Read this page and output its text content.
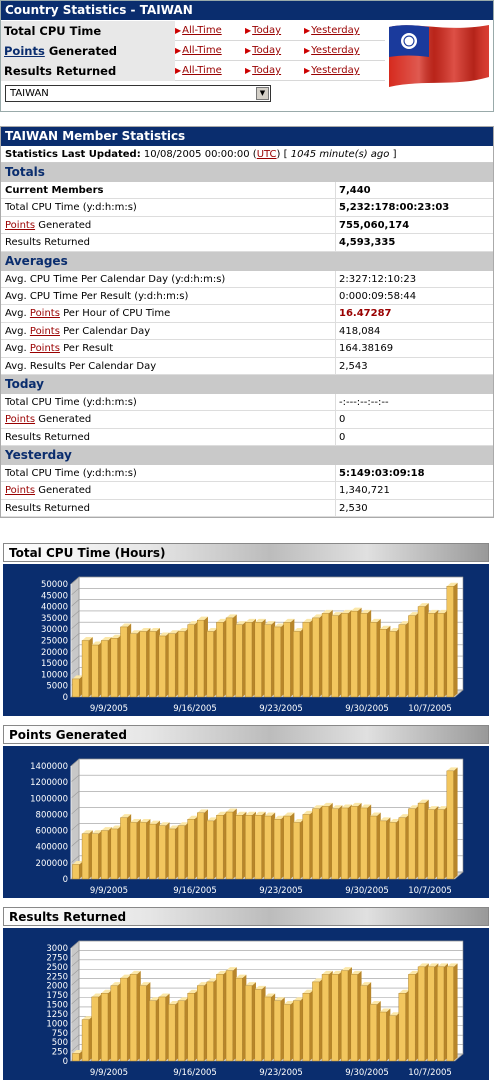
Country Statistics - TAIWAN
Total CPU Time	▶All-Time	▶Today	▶Yesterday
Points Generated	▶All-Time	▶Today	▶Yesterday
Results Returned	▶All-Time	▶Today	▶Yesterday
TAIWAN	▼
TAIWAN Member Statistics
Statistics Last Updated: 10/08/2005 00:00:00 (UTC) [ 1045 minute(s) ago ]
Totals
Current Members	7,440
Total CPU Time (y:d:h:m:s)	5,232:178:00:23:03
Points Generated	755,060,174
Results Returned	4,593,335
Averages
Avg. CPU Time Per Calendar Day (y:d:h:m:s)	2:327:12:10:23
Avg. CPU Time Per Result (y:d:h:m:s)	0:000:09:58:44
Avg. Points Per Hour of CPU Time	16.47287
Avg. Points Per Calendar Day	418,084
Avg. Points Per Result	164.38169
Avg. Results Per Calendar Day	2,543
Today
Total CPU Time (y:d:h:m:s)	-:---:--:--:--
Points Generated	0
Results Returned	0
Yesterday
Total CPU Time (y:d:h:m:s)	5:149:03:09:18
Points Generated	1,340,721
Results Returned	2,530
Total CPU Time (Hours)
0
5000
10000
15000
20000
25000
30000
35000
40000
45000
50000
9/9/2005	9/16/2005	9/23/2005	9/30/2005 10/7/2005
Points Generated
0
200000
400000
600000
800000
1000000
1200000
1400000
9/9/2005	9/16/2005	9/23/2005	9/30/2005 10/7/2005
Results Returned
0
250
500
750
1000
1250
1500
1750
2000
2250
2500
2750
3000
9/9/2005	9/16/2005	9/23/2005	9/30/2005 10/7/2005
